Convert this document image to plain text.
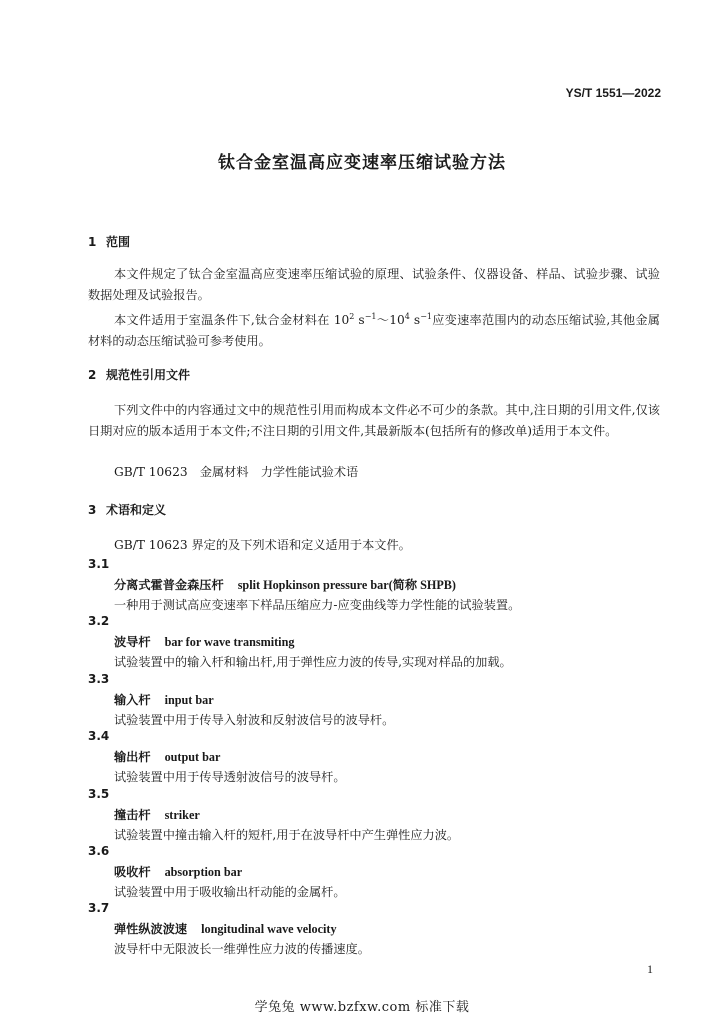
YS/T 1551—2022
钛合金室温高应变速率压缩试验方法
1 范围
本文件规定了钛合金室温高应变速率压缩试验的原理、试验条件、仪器设备、样品、试验步骤、试验数据处理及试验报告。
本文件适用于室温条件下,钛合金材料在 $10^2$ $s^{-1}\sim 10^4$ $s^{-1}$应变速率范围内的动态压缩试验,其他金属材料的动态压缩试验可参考使用。
2 规范性引用文件
下列文件中的内容通过文中的规范性引用而构成本文件必不可少的条款。其中,注日期的引用文件,仅该日期对应的版本适用于本文件;不注日期的引用文件,其最新版本(包括所有的修改单)适用于本文件。
GB/T 10623　金属材料　力学性能试验术语
3 术语和定义
GB/T 10623 界定的及下列术语和定义适用于本文件。
3.1
分离式霍普金森压杆 split Hopkinson pressure bar(简称 SHPB)
一种用于测试高应变速率下样品压缩应力-应变曲线等力学性能的试验装置。
3.2
波导杆 bar for wave transmiting
试验装置中的输入杆和输出杆,用于弹性应力波的传导,实现对样品的加载。
3.3
输入杆 input bar
试验装置中用于传导入射波和反射波信号的波导杆。
3.4
输出杆 output bar
试验装置中用于传导透射波信号的波导杆。
3.5
撞击杆 striker
试验装置中撞击输入杆的短杆,用于在波导杆中产生弹性应力波。
3.6
吸收杆 absorption bar
试验装置中用于吸收输出杆动能的金属杆。
3.7
弹性纵波波速 longitudinal wave velocity
波导杆中无限波长一维弹性应力波的传播速度。
1
学兔兔 www.bzfxw.com 标准下载
